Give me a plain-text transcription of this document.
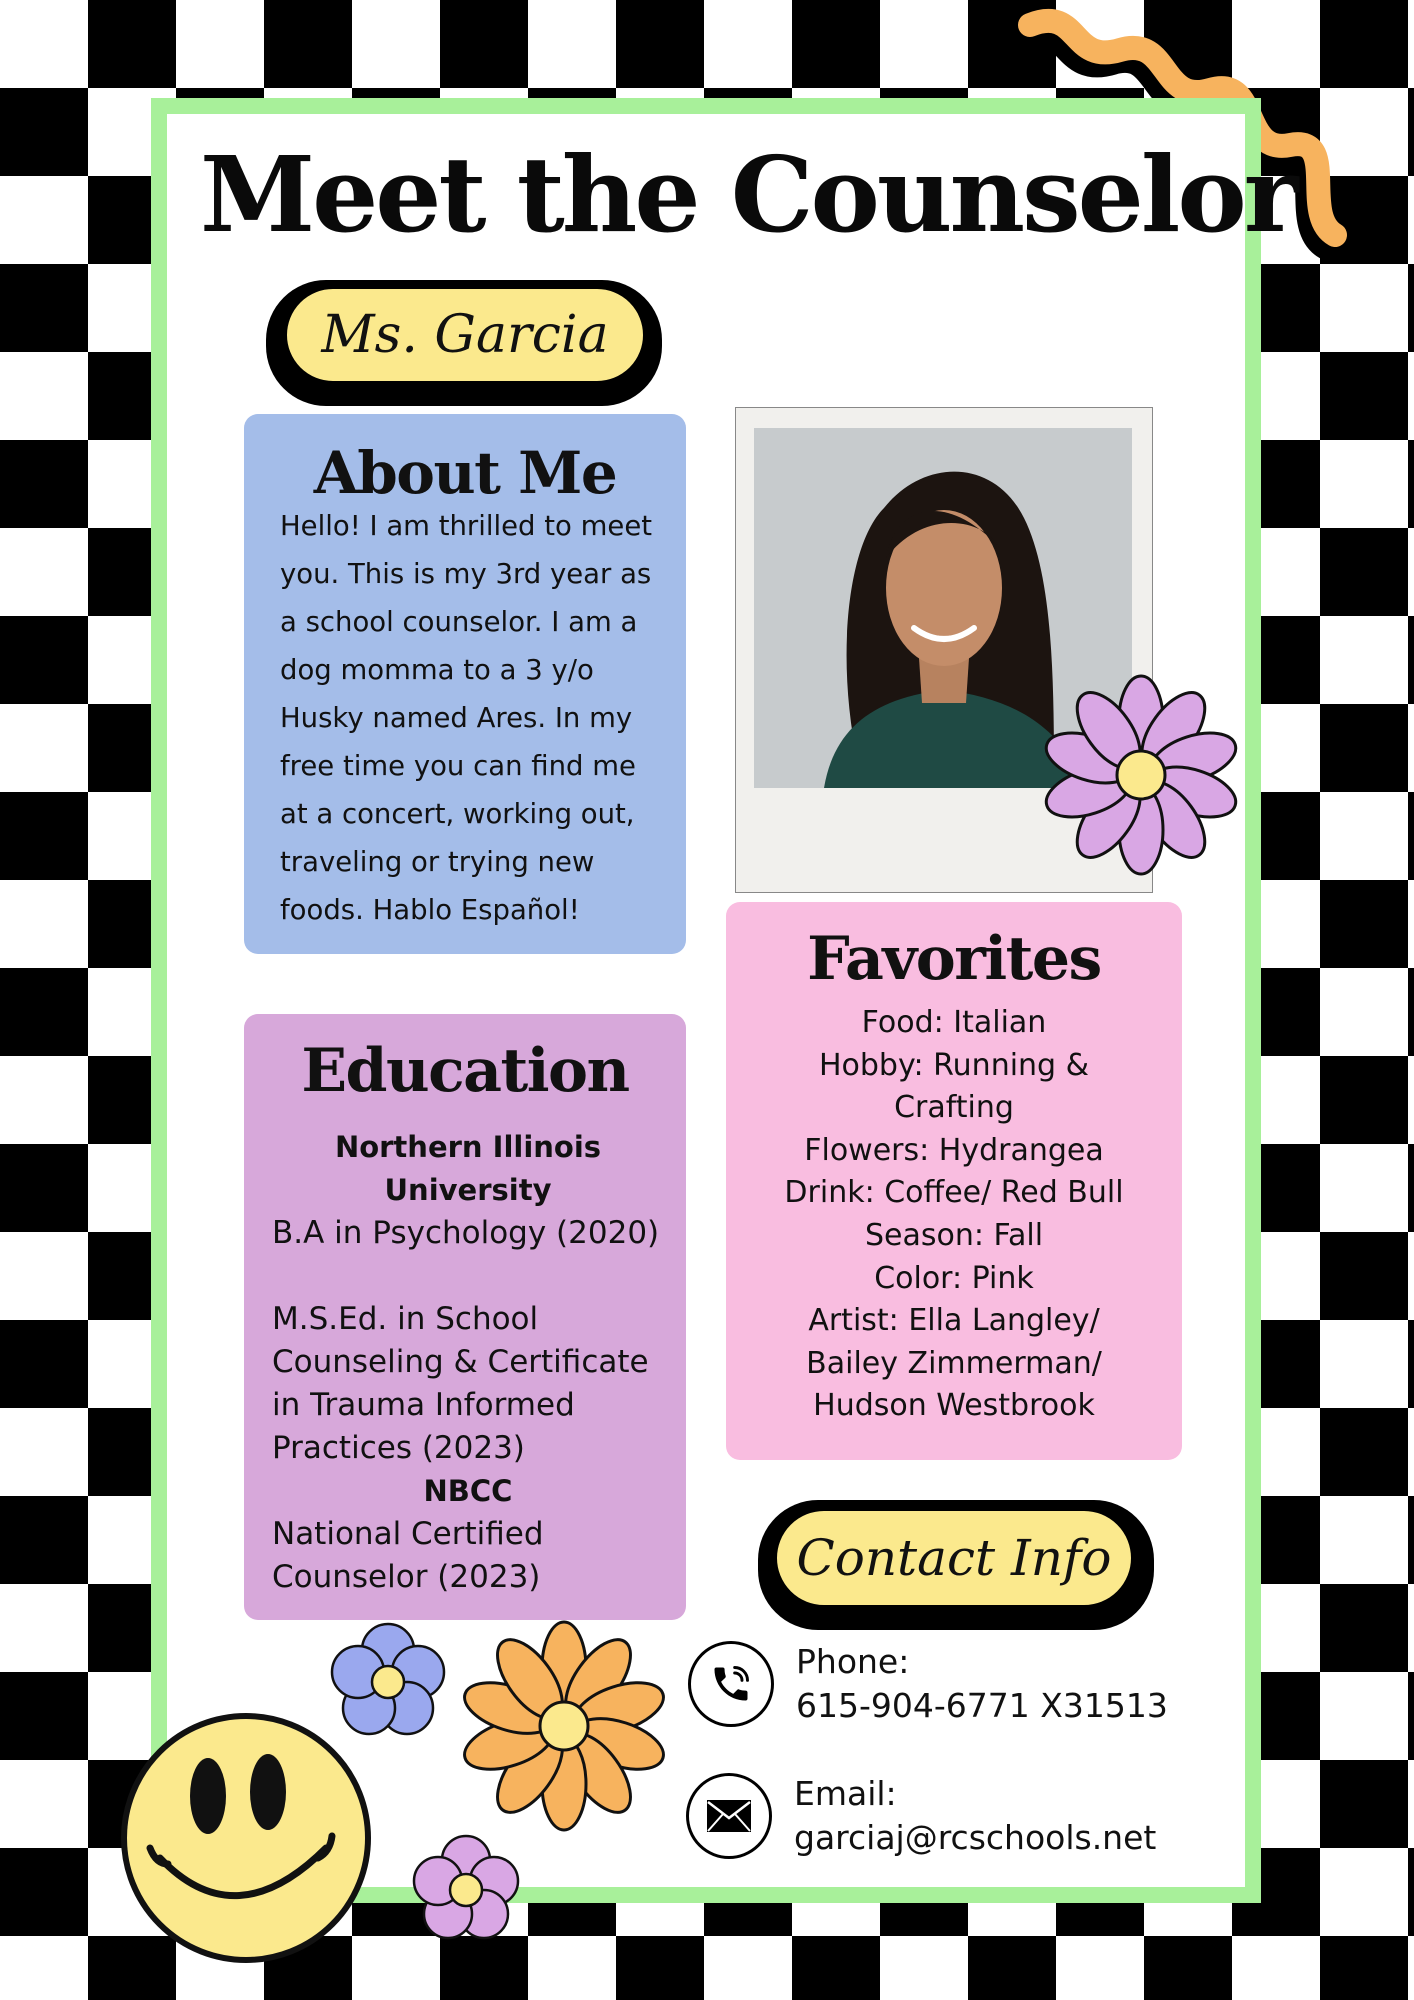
Meet the Counselor
Ms. Garcia
About Me
Hello! I am thrilled to meet
you. This is my 3rd year as
a school counselor. I am a
dog momma to a 3 y/o
Husky named Ares. In my
free time you can find me
at a concert, working out,
traveling or trying new
foods. Hablo Español!
Education
Northern Illinois
University
B.A in Psychology (2020)
M.S.Ed. in School
Counseling & Certificate
in Trauma Informed
Practices (2023)
NBCC
National Certified
Counselor (2023)
Favorites
Food: Italian
Hobby: Running &
Crafting
Flowers: Hydrangea
Drink: Coffee/ Red Bull
Season: Fall
Color: Pink
Artist: Ella Langley/
Bailey Zimmerman/
Hudson Westbrook
Contact Info
Phone:
615-904-6771 X31513
Email:
garciaj@rcschools.net
